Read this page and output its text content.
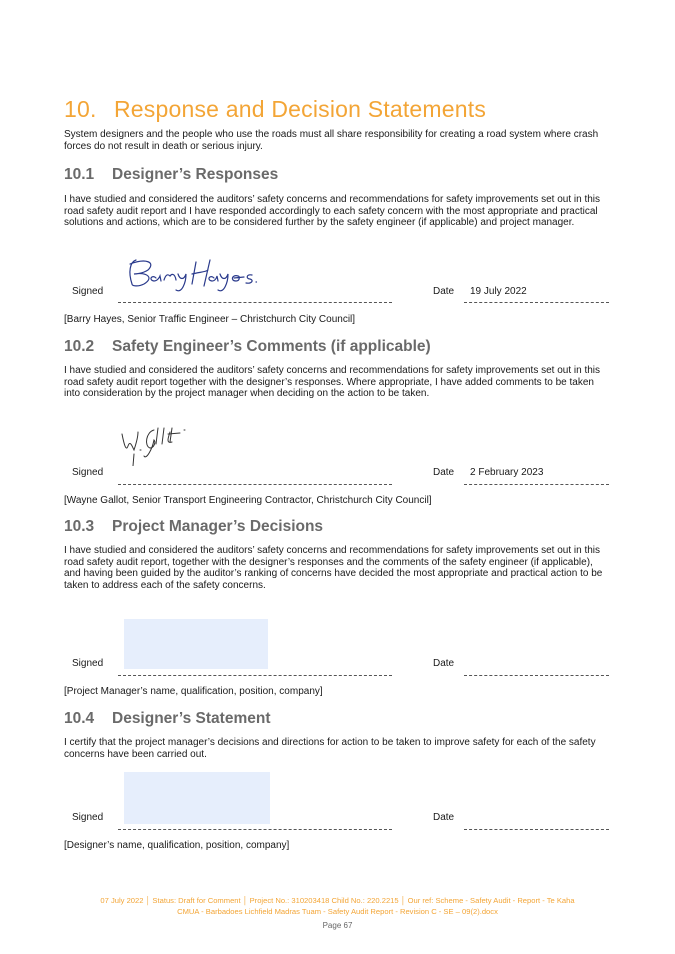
10. Response and Decision Statements
System designers and the people who use the roads must all share responsibility for creating a road system where crash forces do not result in death or serious injury.
10.1 Designer’s Responses
I have studied and considered the auditors’ safety concerns and recommendations for safety improvements set out in this road safety audit report and I have responded accordingly to each safety concern with the most appropriate and practical solutions and actions, which are to be considered further by the safety engineer (if applicable) and project manager.
Signed	Date 19 July 2022
[Barry Hayes, Senior Traffic Engineer – Christchurch City Council]
10.2 Safety Engineer’s Comments (if applicable)
I have studied and considered the auditors’ safety concerns and recommendations for safety improvements set out in this road safety audit report together with the designer’s responses. Where appropriate, I have added comments to be taken into consideration by the project manager when deciding on the action to be taken.
Signed	Date 2 February 2023
[Wayne Gallot, Senior Transport Engineering Contractor, Christchurch City Council]
10.3 Project Manager’s Decisions
I have studied and considered the auditors’ safety concerns and recommendations for safety improvements set out in this road safety audit report, together with the designer’s responses and the comments of the safety engineer (if applicable), and having been guided by the auditor’s ranking of concerns have decided the most appropriate and practical action to be taken to address each of the safety concerns.
Signed	Date
[Project Manager’s name, qualification, position, company]
10.4 Designer’s Statement
I certify that the project manager’s decisions and directions for action to be taken to improve safety for each of the safety concerns have been carried out.
Signed	Date
[Designer’s name, qualification, position, company]
07 July 2022 │ Status: Draft for Comment │ Project No.: 310203418 Child No.: 220.2215 │ Our ref: Scheme - Safety Audit - Report - Te Kaha
CMUA - Barbadoes Lichfield Madras Tuam - Safety Audit Report - Revision C - SE – 09(2).docx
Page 67
